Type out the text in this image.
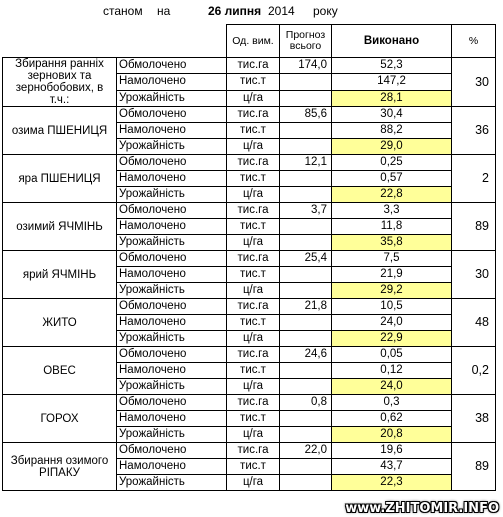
станом на	26 липня 2014 року
		Од. вим.	Прогноз всього	Виконано	%
Збирання ранніх зернових та зернобобових, в т.ч.:	Обмолочено	тис.га	174,0	52,3	30
	Намолочено	тис.т		147,2	
	Урожайність	ц/га		28,1	
озима ПШЕНИЦЯ	Обмолочено	тис.га	85,6	30,4	36
	Намолочено	тис.т		88,2	
	Урожайність	ц/га		29,0	
яра ПШЕНИЦЯ	Обмолочено	тис.га	12,1	0,25	2
	Намолочено	тис.т		0,57	
	Урожайність	ц/га		22,8	
озимий ЯЧМІНЬ	Обмолочено	тис.га	3,7	3,3	89
	Намолочено	тис.т		11,8	
	Урожайність	ц/га		35,8	
ярий ЯЧМІНЬ	Обмолочено	тис.га	25,4	7,5	30
	Намолочено	тис.т		21,9	
	Урожайність	ц/га		29,2	
ЖИТО	Обмолочено	тис.га	21,8	10,5	48
	Намолочено	тис.т		24,0	
	Урожайність	ц/га		22,9	
ОВЕС	Обмолочено	тис.га	24,6	0,05	0,2
	Намолочено	тис.т		0,12	
	Урожайність	ц/га		24,0	
ГОРОХ	Обмолочено	тис.га	0,8	0,3	38
	Намолочено	тис.т		0,62	
	Урожайність	ц/га		20,8	
Збирання озимого РІПАКУ	Обмолочено	тис.га	22,0	19,6	89
	Намолочено	тис.т		43,7	
	Урожайність	ц/га		22,3	
www.ZHITOMIR.INFO
